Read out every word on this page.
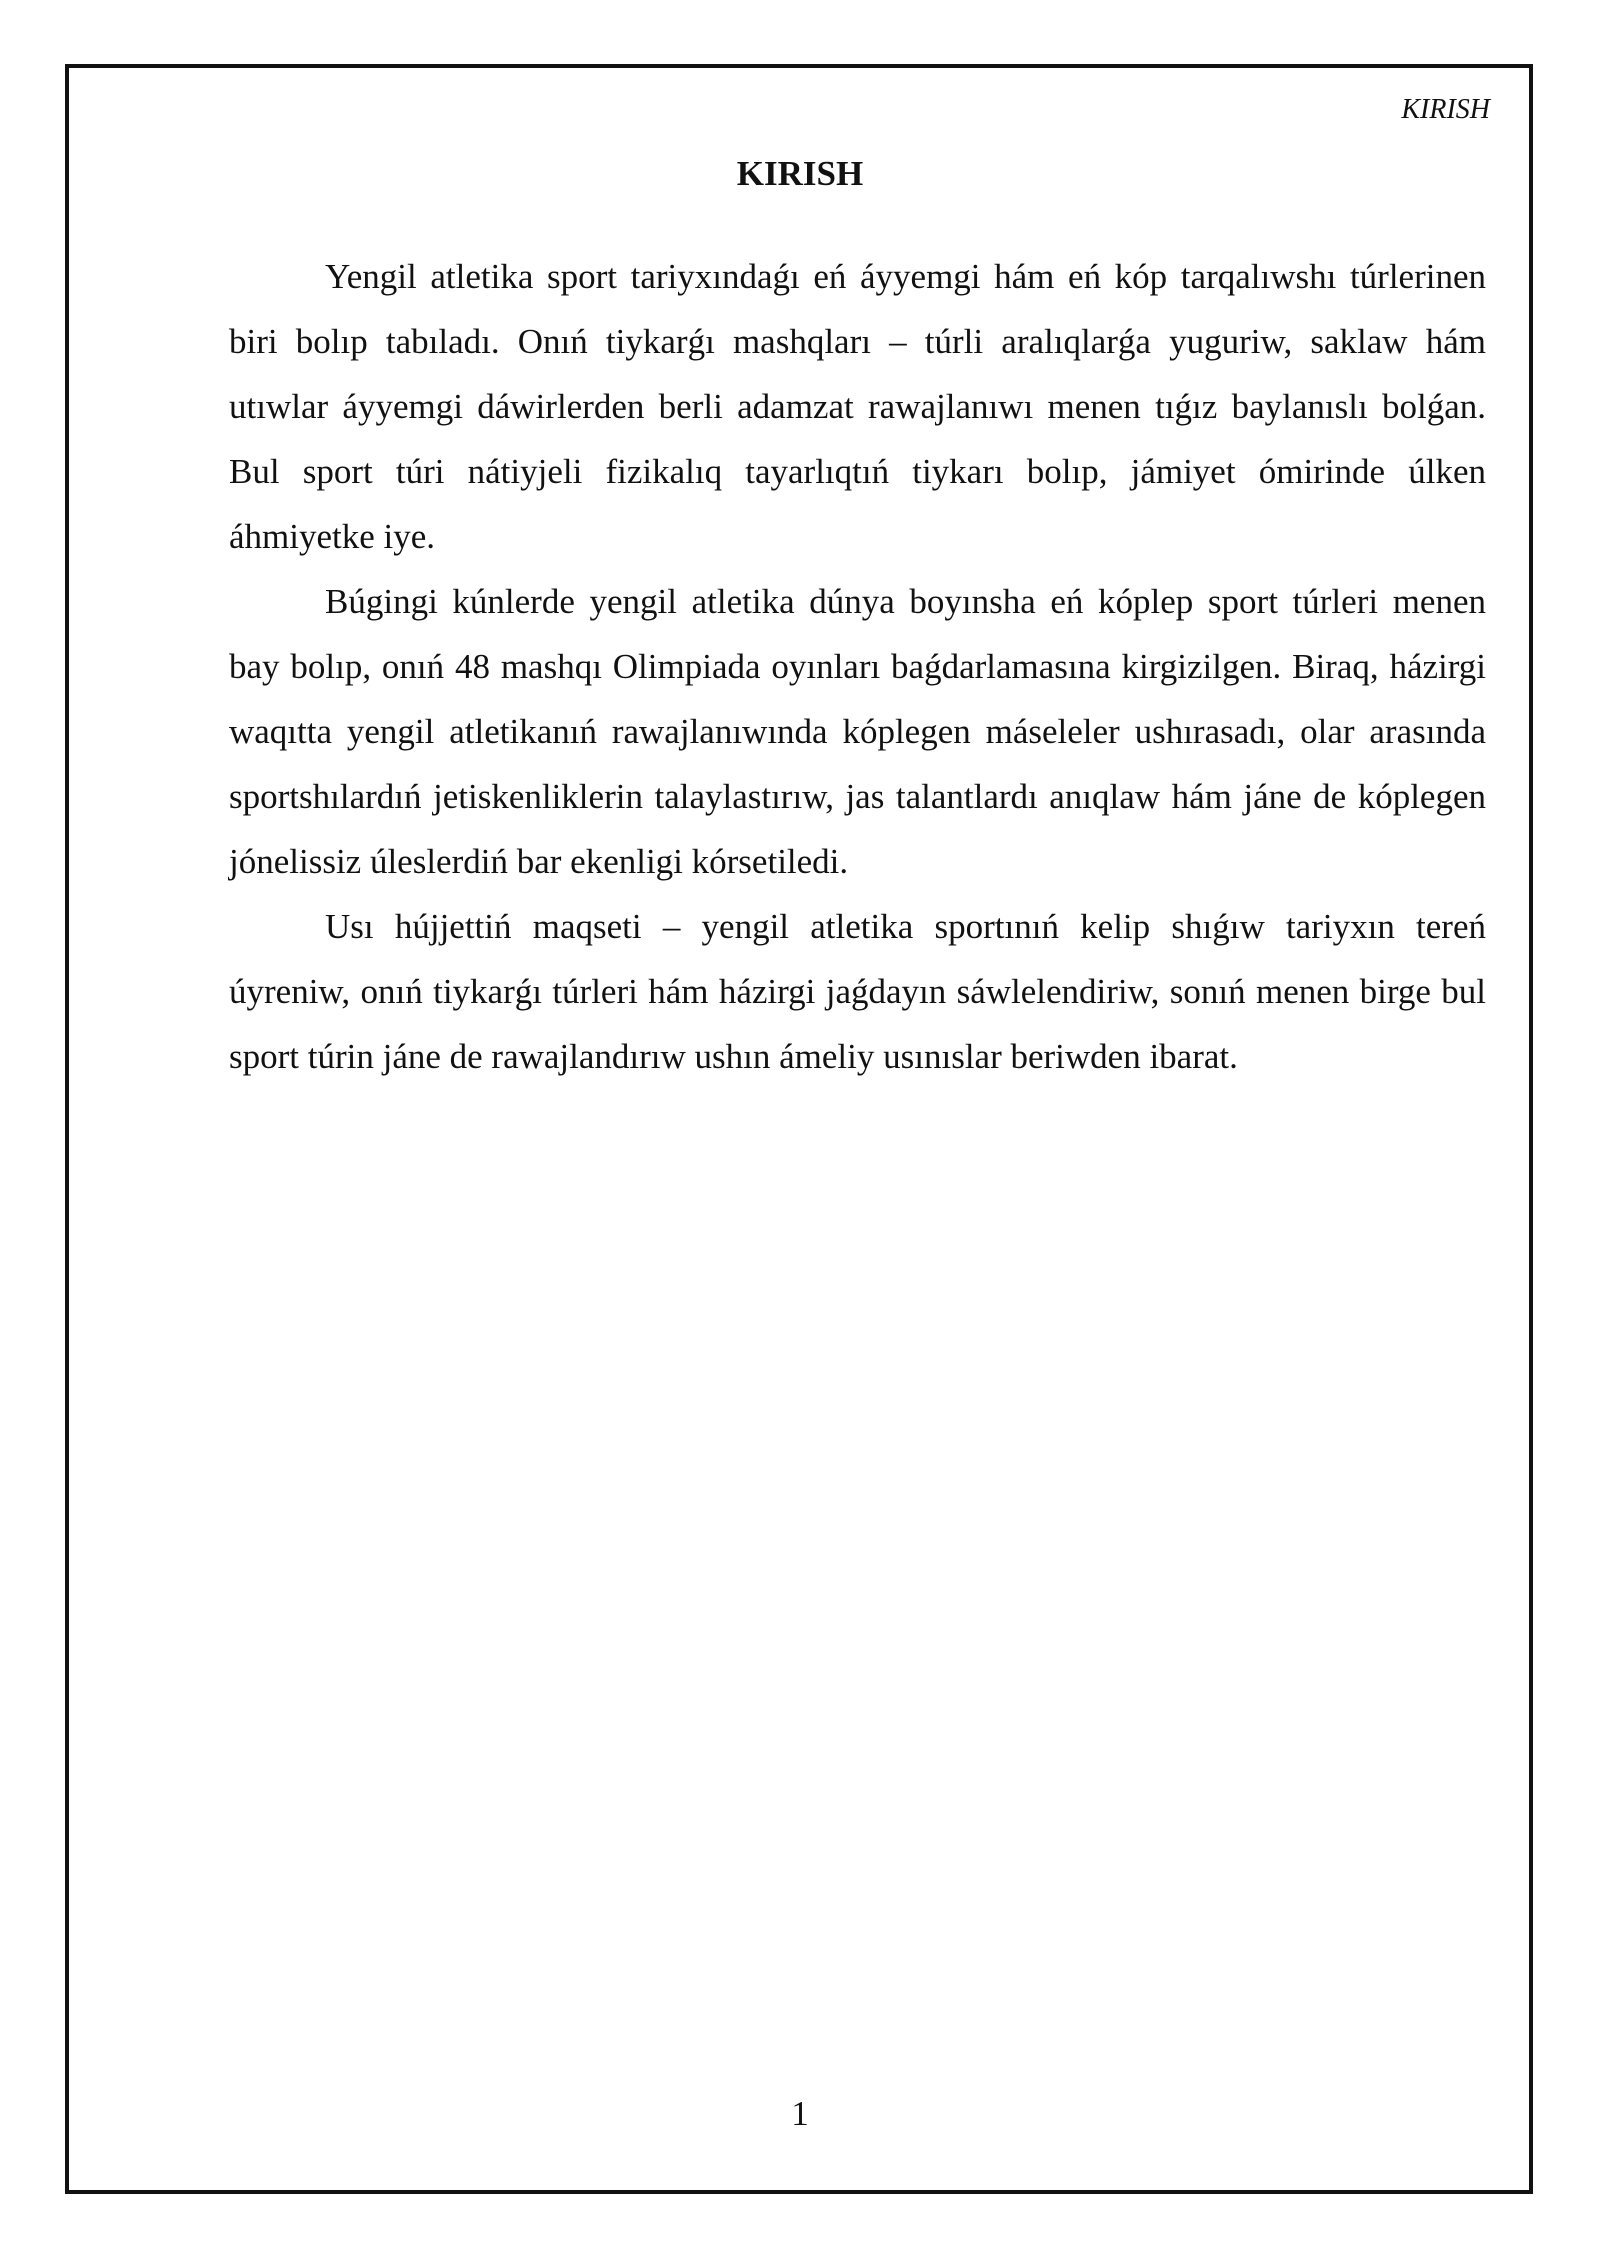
KIRISH
KIRISH

Yengil atletika sport tariyxındaǵı eń áyyemgi hám eń kóp tarqalıwshı túrlerinen biri bolıp tabıladı. Onıń tiykarǵı mashqları – túrli aralıqlarǵa yuguriw, saklaw hám utıwlar áyyemgi dáwirlerden berli adamzat rawajlanıwı menen tıǵız baylanıslı bolǵan. Bul sport túri nátiyjeli fizikalıq tayarlıqtıń tiykarı bolıp, jámiyet ómirinde úlken áhmiyetke iye.

Búgingi kúnlerde yengil atletika dúnya boyınsha eń kóplep sport túrleri menen bay bolıp, onıń 48 mashqı Olimpiada oyınları baǵdarlamasına kirgizilgen. Biraq, házirgi waqıtta yengil atletikanıń rawajlanıwında kóplegen máseleler ushırasadı, olar arasında sportshılardıń jetiskenliklerin talaylastırıw, jas talantlardı anıqlaw hám jáne de kóplegen jónelissiz úleslerdiń bar ekenligi kórsetiledi.

Usı hújjettiń maqseti – yengil atletika sportınıń kelip shıǵıw tariyxın tereń úyreniw, onıń tiykarǵı túrleri hám házirgi jaǵdayın sáwlelendiriw, sonıń menen birge bul sport túrin jáne de rawajlandırıw ushın ámeliy usınıslar beriwden ibarat.

1
